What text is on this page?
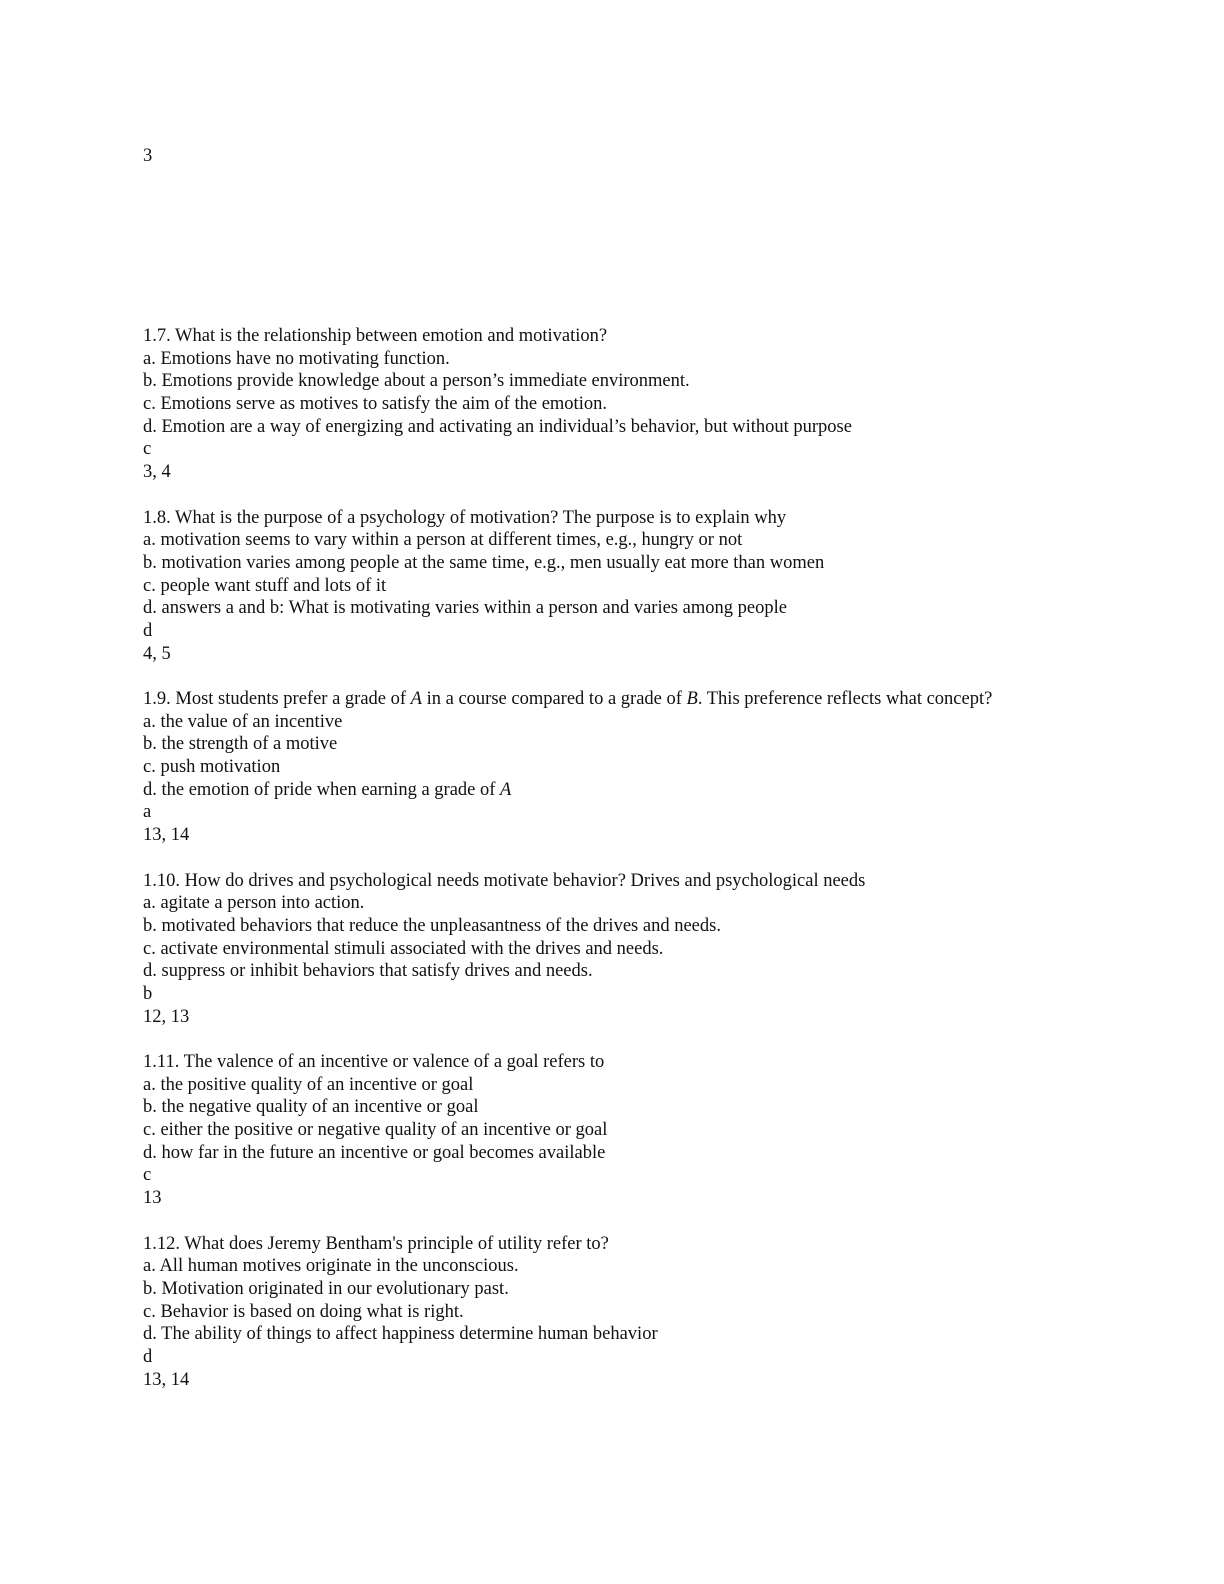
3

1.7. What is the relationship between emotion and motivation?
a. Emotions have no motivating function.
b. Emotions provide knowledge about a person’s immediate environment.
c. Emotions serve as motives to satisfy the aim of the emotion.
d. Emotion are a way of energizing and activating an individual’s behavior, but without purpose
c
3, 4
1.8. What is the purpose of a psychology of motivation? The purpose is to explain why
a. motivation seems to vary within a person at different times, e.g., hungry or not
b. motivation varies among people at the same time, e.g., men usually eat more than women
c. people want stuff and lots of it
d. answers a and b: What is motivating varies within a person and varies among people
d
4, 5
1.9. Most students prefer a grade of A in a course compared to a grade of B. This preference reflects what concept?
a. the value of an incentive
b. the strength of a motive
c. push motivation
d. the emotion of pride when earning a grade of A
a
13, 14
1.10. How do drives and psychological needs motivate behavior? Drives and psychological needs
a. agitate a person into action.
b. motivated behaviors that reduce the unpleasantness of the drives and needs.
c. activate environmental stimuli associated with the drives and needs.
d. suppress or inhibit behaviors that satisfy drives and needs.
b
12, 13
1.11. The valence of an incentive or valence of a goal refers to
a. the positive quality of an incentive or goal
b. the negative quality of an incentive or goal
c. either the positive or negative quality of an incentive or goal
d. how far in the future an incentive or goal becomes available
c
13
1.12. What does Jeremy Bentham's principle of utility refer to?
a. All human motives originate in the unconscious.
b. Motivation originated in our evolutionary past.
c. Behavior is based on doing what is right.
d. The ability of things to affect happiness determine human behavior
d
13, 14
